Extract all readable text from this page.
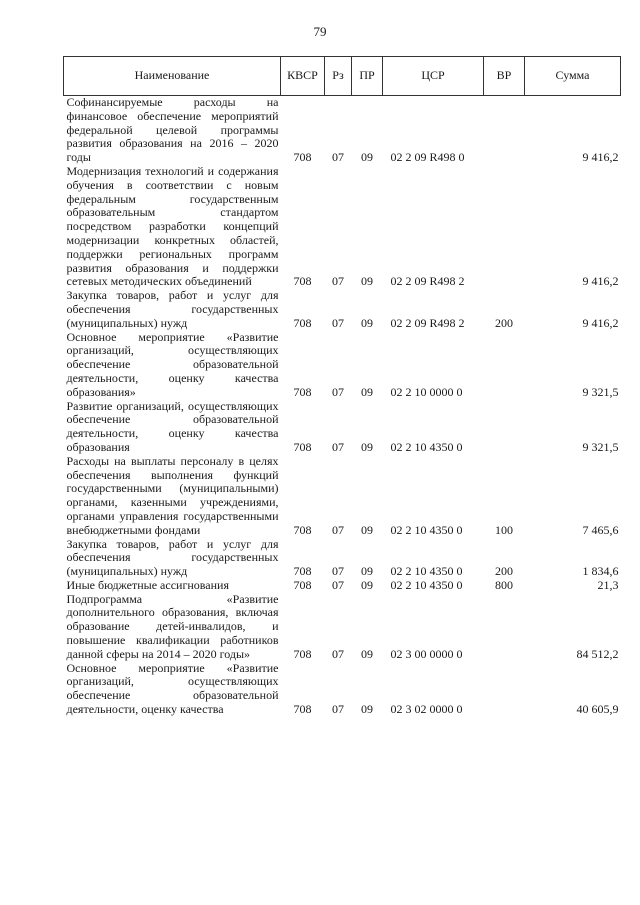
79
Наименование	КВСР	Рз	ПР	ЦСР	ВР	Сумма
Софинансируемые расходы на финансовое обеспечение мероприятий федеральной целевой программы развития образования на 2016 – 2020 годы	708	07	09	02 2 09 R498 0		9 416,2
Модернизация технологий и содержания обучения в соответствии с новым федеральным государственным образовательным стандартом посредством разработки концепций модернизации конкретных областей, поддержки региональных программ развития образования и поддержки сетевых методических объединений	708	07	09	02 2 09 R498 2		9 416,2
Закупка товаров, работ и услуг для обеспечения государственных (муниципальных) нужд	708	07	09	02 2 09 R498 2	200	9 416,2
Основное мероприятие «Развитие организаций, осуществляющих обеспечение образовательной деятельности, оценку качества образования»	708	07	09	02 2 10 0000 0		9 321,5
Развитие организаций, осуществляющих обеспечение образовательной деятельности, оценку качества образования	708	07	09	02 2 10 4350 0		9 321,5
Расходы на выплаты персоналу в целях обеспечения выполнения функций государственными (муниципальными) органами, казенными учреждениями, органами управления государственными внебюджетными фондами	708	07	09	02 2 10 4350 0	100	7 465,6
Закупка товаров, работ и услуг для обеспечения государственных (муниципальных) нужд	708	07	09	02 2 10 4350 0	200	1 834,6
Иные бюджетные ассигнования	708	07	09	02 2 10 4350 0	800	21,3
Подпрограмма «Развитие дополнительного образования, включая образование детей-инвалидов, и повышение квалификации работников данной сферы на 2014 – 2020 годы»	708	07	09	02 3 00 0000 0		84 512,2
Основное мероприятие «Развитие организаций, осуществляющих обеспечение образовательной деятельности, оценку качества	708	07	09	02 3 02 0000 0		40 605,9
